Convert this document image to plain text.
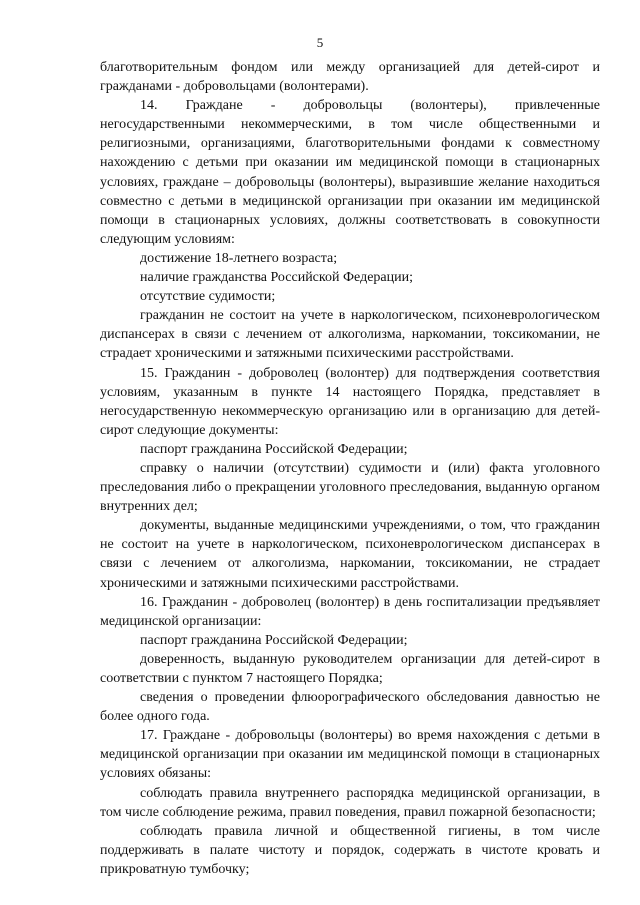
5

благотворительным фондом или между организацией для детей-сирот и гражданами - добровольцами (волонтерами).

14. Граждане - добровольцы (волонтеры), привлеченные негосударственными некоммерческими, в том числе общественными и религиозными, организациями, благотворительными фондами к совместному нахождению с детьми при оказании им медицинской помощи в стационарных условиях, граждане – добровольцы (волонтеры), выразившие желание находиться совместно с детьми в медицинской организации при оказании им медицинской помощи в стационарных условиях, должны соответствовать в совокупности следующим условиям:

достижение 18-летнего возраста;

наличие гражданства Российской Федерации;

отсутствие судимости;

гражданин не состоит на учете в наркологическом, психоневрологическом диспансерах в связи с лечением от алкоголизма, наркомании, токсикомании, не страдает хроническими и затяжными психическими расстройствами.

15. Гражданин - доброволец (волонтер) для подтверждения соответствия условиям, указанным в пункте 14 настоящего Порядка, представляет в негосударственную некоммерческую организацию или в организацию для детей-сирот следующие документы:

паспорт гражданина Российской Федерации;

справку о наличии (отсутствии) судимости и (или) факта уголовного преследования либо о прекращении уголовного преследования, выданную органом внутренних дел;

документы, выданные медицинскими учреждениями, о том, что гражданин не состоит на учете в наркологическом, психоневрологическом диспансерах в связи с лечением от алкоголизма, наркомании, токсикомании, не страдает хроническими и затяжными психическими расстройствами.

16. Гражданин - доброволец (волонтер) в день госпитализации предъявляет медицинской организации:

паспорт гражданина Российской Федерации;

доверенность, выданную руководителем организации для детей-сирот в соответствии с пунктом 7 настоящего Порядка;

сведения о проведении флюорографического обследования давностью не более одного года.

17. Граждане - добровольцы (волонтеры) во время нахождения с детьми в медицинской организации при оказании им медицинской помощи в стационарных условиях обязаны:

соблюдать правила внутреннего распорядка медицинской организации, в том числе соблюдение режима, правил поведения, правил пожарной безопасности;

соблюдать правила личной и общественной гигиены, в том числе поддерживать в палате чистоту и порядок, содержать в чистоте кровать и прикроватную тумбочку;
